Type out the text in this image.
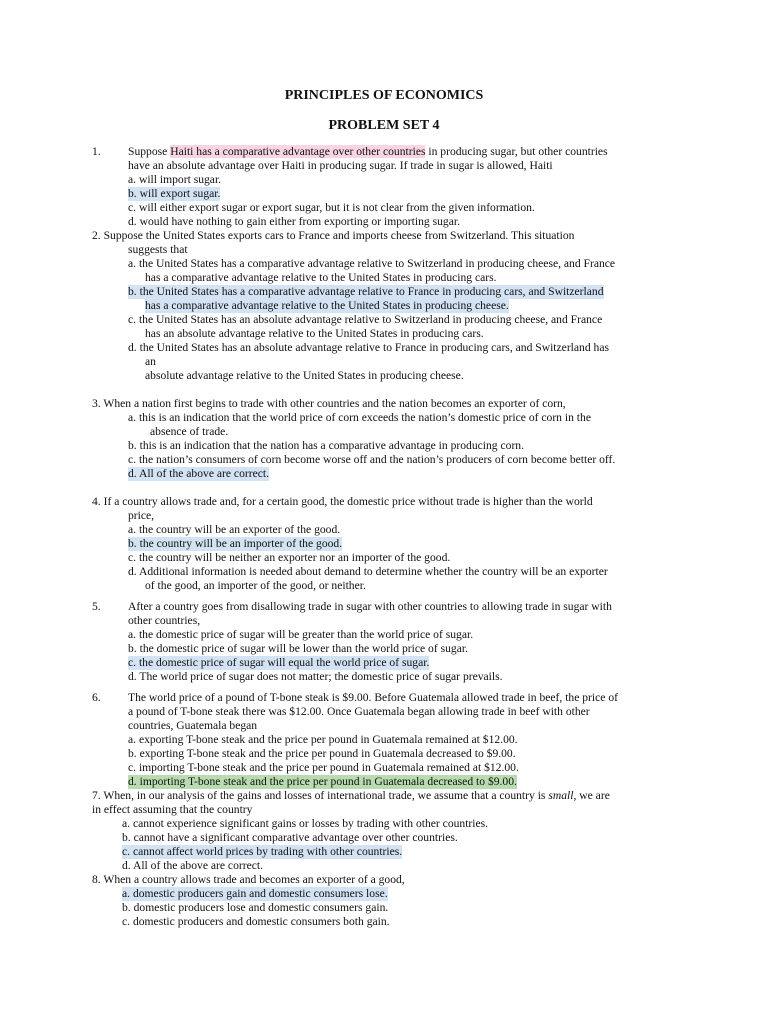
PRINCIPLES OF ECONOMICS
PROBLEM SET 4
1. Suppose Haiti has a comparative advantage over other countries in producing sugar, but other countries
have an absolute advantage over Haiti in producing sugar. If trade in sugar is allowed, Haiti
a. will import sugar.
b. will export sugar.
c. will either export sugar or export sugar, but it is not clear from the given information.
d. would have nothing to gain either from exporting or importing sugar.
2. Suppose the United States exports cars to France and imports cheese from Switzerland. This situation
suggests that
a. the United States has a comparative advantage relative to Switzerland in producing cheese, and France
has a comparative advantage relative to the United States in producing cars.
b. the United States has a comparative advantage relative to France in producing cars, and Switzerland
has a comparative advantage relative to the United States in producing cheese.
c. the United States has an absolute advantage relative to Switzerland in producing cheese, and France
has an absolute advantage relative to the United States in producing cars.
d. the United States has an absolute advantage relative to France in producing cars, and Switzerland has
an
absolute advantage relative to the United States in producing cheese.
3. When a nation first begins to trade with other countries and the nation becomes an exporter of corn,
a. this is an indication that the world price of corn exceeds the nation’s domestic price of corn in the
absence of trade.
b. this is an indication that the nation has a comparative advantage in producing corn.
c. the nation’s consumers of corn become worse off and the nation’s producers of corn become better off.
d. All of the above are correct.
4. If a country allows trade and, for a certain good, the domestic price without trade is higher than the world
price,
a. the country will be an exporter of the good.
b. the country will be an importer of the good.
c. the country will be neither an exporter nor an importer of the good.
d. Additional information is needed about demand to determine whether the country will be an exporter
of the good, an importer of the good, or neither.
5. After a country goes from disallowing trade in sugar with other countries to allowing trade in sugar with
other countries,
a. the domestic price of sugar will be greater than the world price of sugar.
b. the domestic price of sugar will be lower than the world price of sugar.
c. the domestic price of sugar will equal the world price of sugar.
d. The world price of sugar does not matter; the domestic price of sugar prevails.
6. The world price of a pound of T-bone steak is $9.00. Before Guatemala allowed trade in beef, the price of
a pound of T-bone steak there was $12.00. Once Guatemala began allowing trade in beef with other
countries, Guatemala began
a. exporting T-bone steak and the price per pound in Guatemala remained at $12.00.
b. exporting T-bone steak and the price per pound in Guatemala decreased to $9.00.
c. importing T-bone steak and the price per pound in Guatemala remained at $12.00.
d. importing T-bone steak and the price per pound in Guatemala decreased to $9.00.
7. When, in our analysis of the gains and losses of international trade, we assume that a country is small, we are
in effect assuming that the country
a. cannot experience significant gains or losses by trading with other countries.
b. cannot have a significant comparative advantage over other countries.
c. cannot affect world prices by trading with other countries.
d. All of the above are correct.
8. When a country allows trade and becomes an exporter of a good,
a. domestic producers gain and domestic consumers lose.
b. domestic producers lose and domestic consumers gain.
c. domestic producers and domestic consumers both gain.
